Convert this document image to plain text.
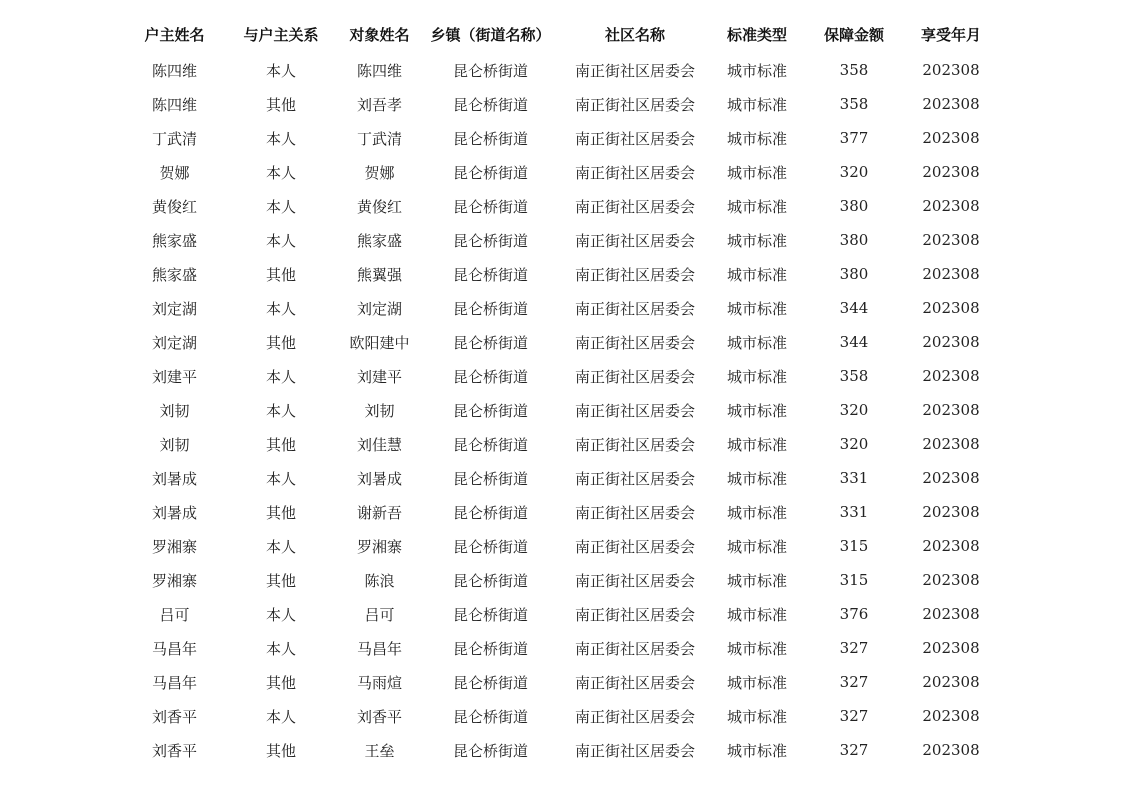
户主姓名	与户主关系	对象姓名	乡镇（街道名称）	社区名称	标准类型	保障金额	享受年月
陈四维	本人	陈四维	昆仑桥街道	南正街社区居委会	城市标准	358	202308
陈四维	其他	刘吾孝	昆仑桥街道	南正街社区居委会	城市标准	358	202308
丁武清	本人	丁武清	昆仑桥街道	南正街社区居委会	城市标准	377	202308
贺娜	本人	贺娜	昆仑桥街道	南正街社区居委会	城市标准	320	202308
黄俊红	本人	黄俊红	昆仑桥街道	南正街社区居委会	城市标准	380	202308
熊家盛	本人	熊家盛	昆仑桥街道	南正街社区居委会	城市标准	380	202308
熊家盛	其他	熊翼强	昆仑桥街道	南正街社区居委会	城市标准	380	202308
刘定湖	本人	刘定湖	昆仑桥街道	南正街社区居委会	城市标准	344	202308
刘定湖	其他	欧阳建中	昆仑桥街道	南正街社区居委会	城市标准	344	202308
刘建平	本人	刘建平	昆仑桥街道	南正街社区居委会	城市标准	358	202308
刘韧	本人	刘韧	昆仑桥街道	南正街社区居委会	城市标准	320	202308
刘韧	其他	刘佳慧	昆仑桥街道	南正街社区居委会	城市标准	320	202308
刘暑成	本人	刘暑成	昆仑桥街道	南正街社区居委会	城市标准	331	202308
刘暑成	其他	谢新吾	昆仑桥街道	南正街社区居委会	城市标准	331	202308
罗湘寨	本人	罗湘寨	昆仑桥街道	南正街社区居委会	城市标准	315	202308
罗湘寨	其他	陈浪	昆仑桥街道	南正街社区居委会	城市标准	315	202308
吕可	本人	吕可	昆仑桥街道	南正街社区居委会	城市标准	376	202308
马昌年	本人	马昌年	昆仑桥街道	南正街社区居委会	城市标准	327	202308
马昌年	其他	马雨煊	昆仑桥街道	南正街社区居委会	城市标准	327	202308
刘香平	本人	刘香平	昆仑桥街道	南正街社区居委会	城市标准	327	202308
刘香平	其他	王垒	昆仑桥街道	南正街社区居委会	城市标准	327	202308
